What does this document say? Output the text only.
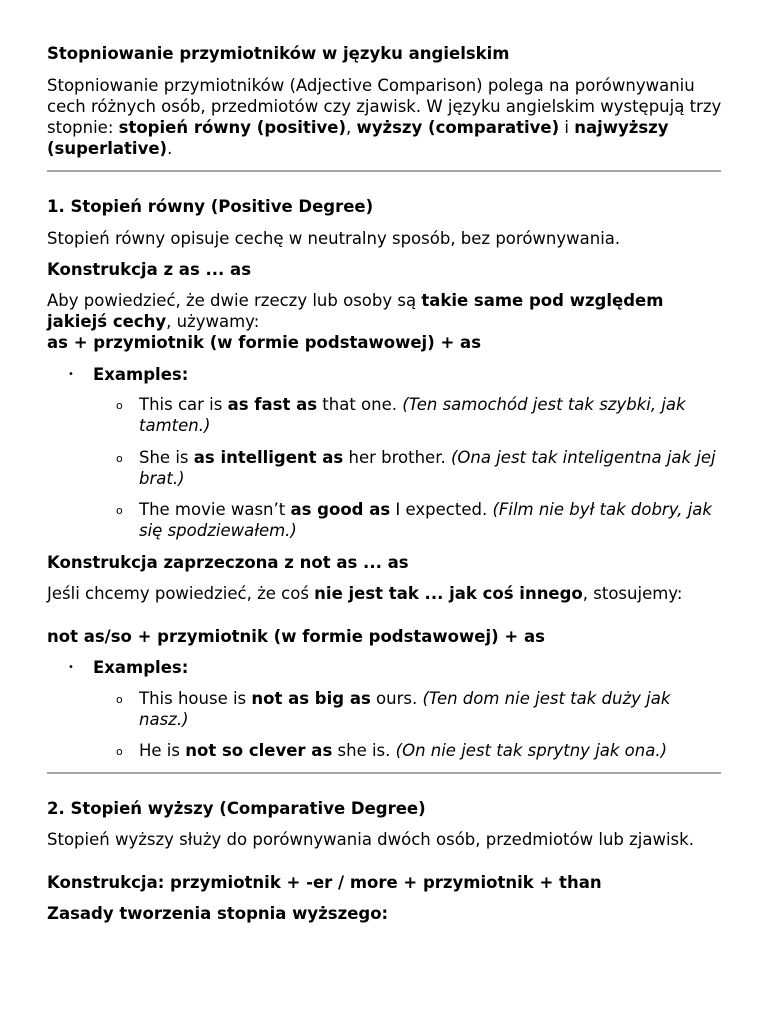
Stopniowanie przymiotników w języku angielskim

Stopniowanie przymiotników (Adjective Comparison) polega na porównywaniu cech różnych osób, przedmiotów czy zjawisk. W języku angielskim występują trzy stopnie: stopień równy (positive), wyższy (comparative) i najwyższy (superlative).

1. Stopień równy (Positive Degree)

Stopień równy opisuje cechę w neutralny sposób, bez porównywania.

Konstrukcja z as ... as

Aby powiedzieć, że dwie rzeczy lub osoby są takie same pod względem jakiejś cechy, używamy:

as + przymiotnik (w formie podstawowej) + as

• Examples:

o This car is as fast as that one. (Ten samochód jest tak szybki, jak tamten.)

o She is as intelligent as her brother. (Ona jest tak inteligentna jak jej brat.)

o The movie wasn’t as good as I expected. (Film nie był tak dobry, jak się spodziewałem.)

Konstrukcja zaprzeczona z not as ... as

Jeśli chcemy powiedzieć, że coś nie jest tak ... jak coś innego, stosujemy:

not as/so + przymiotnik (w formie podstawowej) + as

• Examples:

o This house is not as big as ours. (Ten dom nie jest tak duży jak nasz.)

o He is not so clever as she is. (On nie jest tak sprytny jak ona.)

2. Stopień wyższy (Comparative Degree)

Stopień wyższy służy do porównywania dwóch osób, przedmiotów lub zjawisk.

Konstrukcja: przymiotnik + -er / more + przymiotnik + than

Zasady tworzenia stopnia wyższego:
